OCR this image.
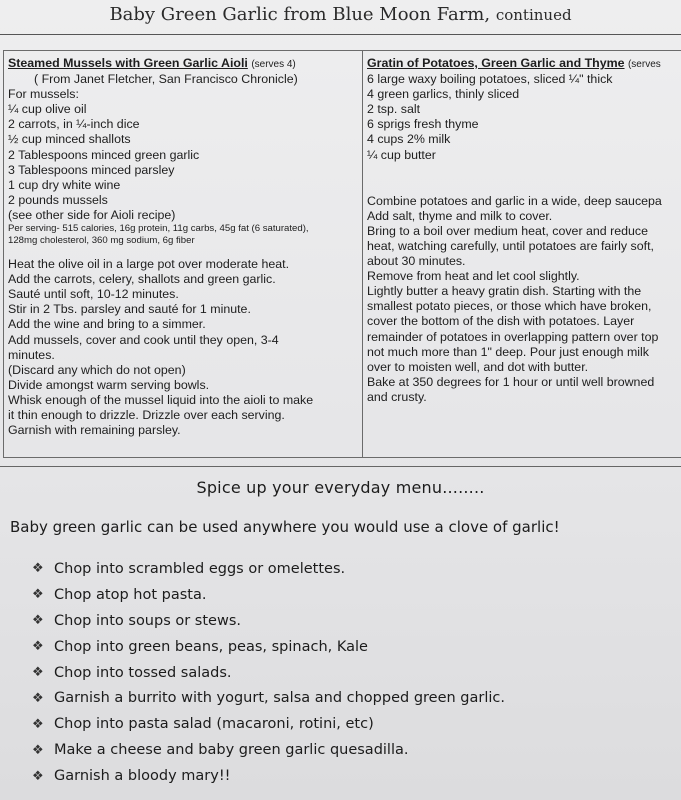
Baby Green Garlic from Blue Moon Farm, continued
Steamed Mussels with Green Garlic Aioli (serves 4)
( From Janet Fletcher, San Francisco Chronicle)
For mussels:
¼ cup olive oil
2 carrots, in ¼-inch dice
½ cup minced shallots
2 Tablespoons minced green garlic
3 Tablespoons minced parsley
1 cup dry white wine
2 pounds mussels
(see other side for Aioli recipe)
Per serving- 515 calories, 16g protein, 11g carbs, 45g fat (6 saturated),
128mg cholesterol, 360 mg sodium, 6g fiber
Heat the olive oil in a large pot over moderate heat.
Add the carrots, celery, shallots and green garlic.
Sauté until soft, 10-12 minutes.
Stir in 2 Tbs. parsley and sauté for 1 minute.
Add the wine and bring to a simmer.
Add mussels, cover and cook until they open, 3-4
minutes.
(Discard any which do not open)
Divide amongst warm serving bowls.
Whisk enough of the mussel liquid into the aioli to make
it thin enough to drizzle. Drizzle over each serving.
Garnish with remaining parsley.
Gratin of Potatoes, Green Garlic and Thyme (serves
6 large waxy boiling potatoes, sliced ¼" thick
4 green garlics, thinly sliced
2 tsp. salt
6 sprigs fresh thyme
4 cups 2% milk
¼ cup butter
Combine potatoes and garlic in a wide, deep saucepa
Add salt, thyme and milk to cover.
Bring to a boil over medium heat, cover and reduce
heat, watching carefully, until potatoes are fairly soft,
about 30 minutes.
Remove from heat and let cool slightly.
Lightly butter a heavy gratin dish. Starting with the
smallest potato pieces, or those which have broken,
cover the bottom of the dish with potatoes. Layer
remainder of potatoes in overlapping pattern over top
not much more than 1" deep. Pour just enough milk
over to moisten well, and dot with butter.
Bake at 350 degrees for 1 hour or until well browned
and crusty.
Spice up your everyday menu........
Baby green garlic can be used anywhere you would use a clove of garlic!
❖ Chop into scrambled eggs or omelettes.
❖ Chop atop hot pasta.
❖ Chop into soups or stews.
❖ Chop into green beans, peas, spinach, Kale
❖ Chop into tossed salads.
❖ Garnish a burrito with yogurt, salsa and chopped green garlic.
❖ Chop into pasta salad (macaroni, rotini, etc)
❖ Make a cheese and baby green garlic quesadilla.
❖ Garnish a bloody mary!!
